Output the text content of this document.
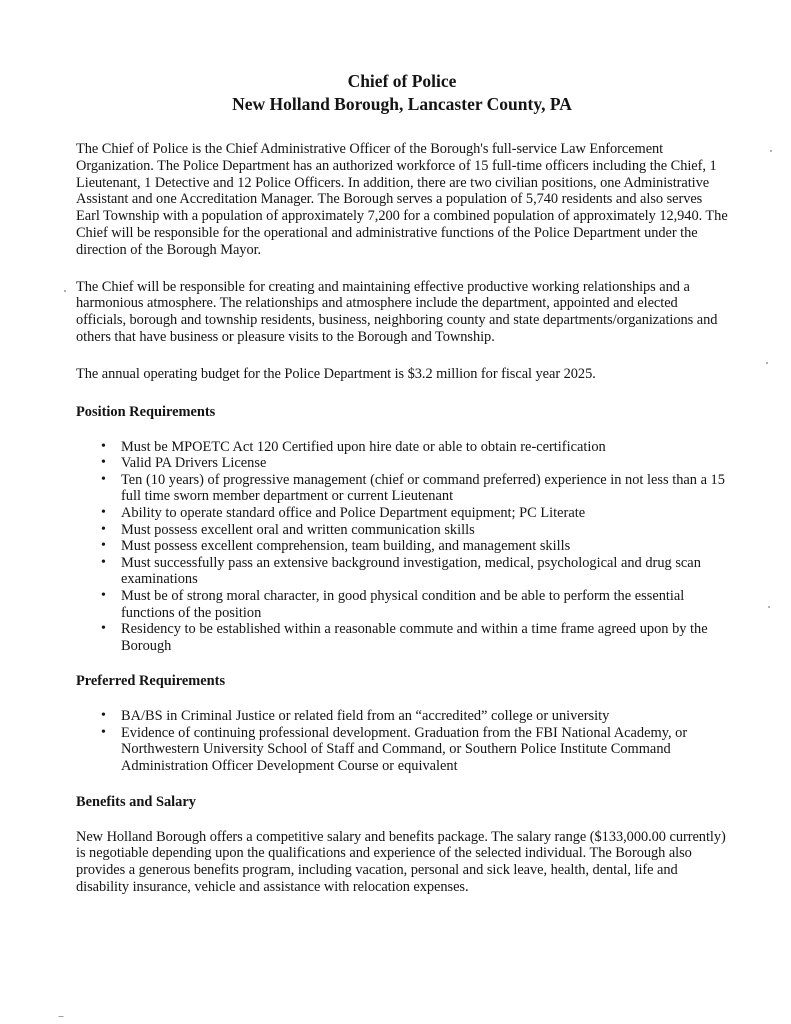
Chief of Police
New Holland Borough, Lancaster County, PA

The Chief of Police is the Chief Administrative Officer of the Borough's full-service Law Enforcement Organization. The Police Department has an authorized workforce of 15 full-time officers including the Chief, 1 Lieutenant, 1 Detective and 12 Police Officers. In addition, there are two civilian positions, one Administrative Assistant and one Accreditation Manager. The Borough serves a population of 5,740 residents and also serves Earl Township with a population of approximately 7,200 for a combined population of approximately 12,940. The Chief will be responsible for the operational and administrative functions of the Police Department under the direction of the Borough Mayor.

The Chief will be responsible for creating and maintaining effective productive working relationships and a harmonious atmosphere. The relationships and atmosphere include the department, appointed and elected officials, borough and township residents, business, neighboring county and state departments/organizations and others that have business or pleasure visits to the Borough and Township.

The annual operating budget for the Police Department is $3.2 million for fiscal year 2025.

Position Requirements
• Must be MPOETC Act 120 Certified upon hire date or able to obtain re-certification
• Valid PA Drivers License
• Ten (10 years) of progressive management (chief or command preferred) experience in not less than a 15 full time sworn member department or current Lieutenant
• Ability to operate standard office and Police Department equipment; PC Literate
• Must possess excellent oral and written communication skills
• Must possess excellent comprehension, team building, and management skills
• Must successfully pass an extensive background investigation, medical, psychological and drug scan examinations
• Must be of strong moral character, in good physical condition and be able to perform the essential functions of the position
• Residency to be established within a reasonable commute and within a time frame agreed upon by the Borough
Preferred Requirements
• BA/BS in Criminal Justice or related field from an “accredited” college or university
• Evidence of continuing professional development. Graduation from the FBI National Academy, or Northwestern University School of Staff and Command, or Southern Police Institute Command Administration Officer Development Course or equivalent
Benefits and Salary

New Holland Borough offers a competitive salary and benefits package. The salary range ($133,000.00 currently) is negotiable depending upon the qualifications and experience of the selected individual. The Borough also provides a generous benefits program, including vacation, personal and sick leave, health, dental, life and disability insurance, vehicle and assistance with relocation expenses.
